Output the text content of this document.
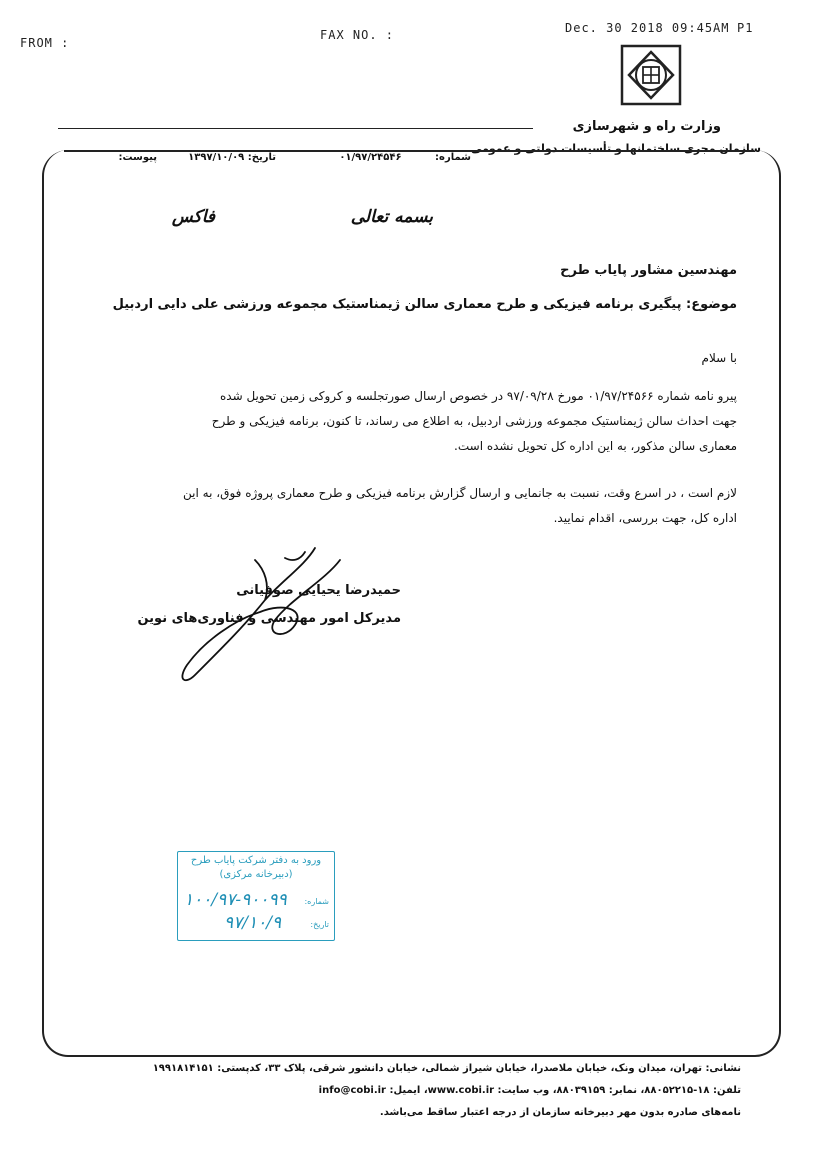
FROM :
FAX NO. :	Dec. 30 2018 09:45AM P1
وزارت راه و شهرسازی
سازمان مجری ساختمانها و تأسیسات دولتی و عمومی
شماره: ۰۱/۹۷/۲۴۵۴۶
تاریخ: ۱۳۹۷/۱۰/۰۹
پیوست:
بسمه تعالی
فاکس
مهندسین مشاور پایاب طرح
موضوع: پیگیری برنامه فیزیکی و طرح معماری سالن ژیمناستیک مجموعه ورزشی علی دایی اردبیل
با سلام
پیرو نامه شماره ۰۱/۹۷/۲۴۵۶۶ مورخ ۹۷/۰۹/۲۸ در خصوص ارسال صورتجلسه و کروکی زمین تحویل شده
جهت احداث سالن ژیمناستیک مجموعه ورزشی اردبیل، به اطلاع می رساند، تا کنون، برنامه فیزیکی و طرح
معماری سالن مذکور، به این اداره کل تحویل نشده است.
لازم است ، در اسرع وقت، نسبت به جانمایی و ارسال گزارش برنامه فیزیکی و طرح معماری پروژه فوق، به این
اداره کل، جهت بررسی، اقدام نمایید.
حمیدرضا یحیایی صوفیانی
مدیرکل امور مهندسی و فناوری‌های نوین
ورود به دفتر شرکت پایاب طرح
(دبیرخانه مرکزی)
شماره:
۱۰۰/۹۷-۹۰۰۹۹
تاریخ:
۹۷/۱۰/۹
نشانی: تهران، میدان ونک، خیابان ملاصدرا، خیابان شیراز شمالی، خیابان دانشور شرقی، پلاک ۳۳، کدپستی: ۱۹۹۱۸۱۴۱۵۱
تلفن: ۱۸-۸۸۰۵۲۲۱۵، نمابر: ۸۸۰۳۹۱۵۹، وب سایت: www.cobi.ir، ایمیل: info@cobi.ir
نامه‌های صادره بدون مهر دبیرخانه سازمان از درجه اعتبار ساقط می‌باشد.
